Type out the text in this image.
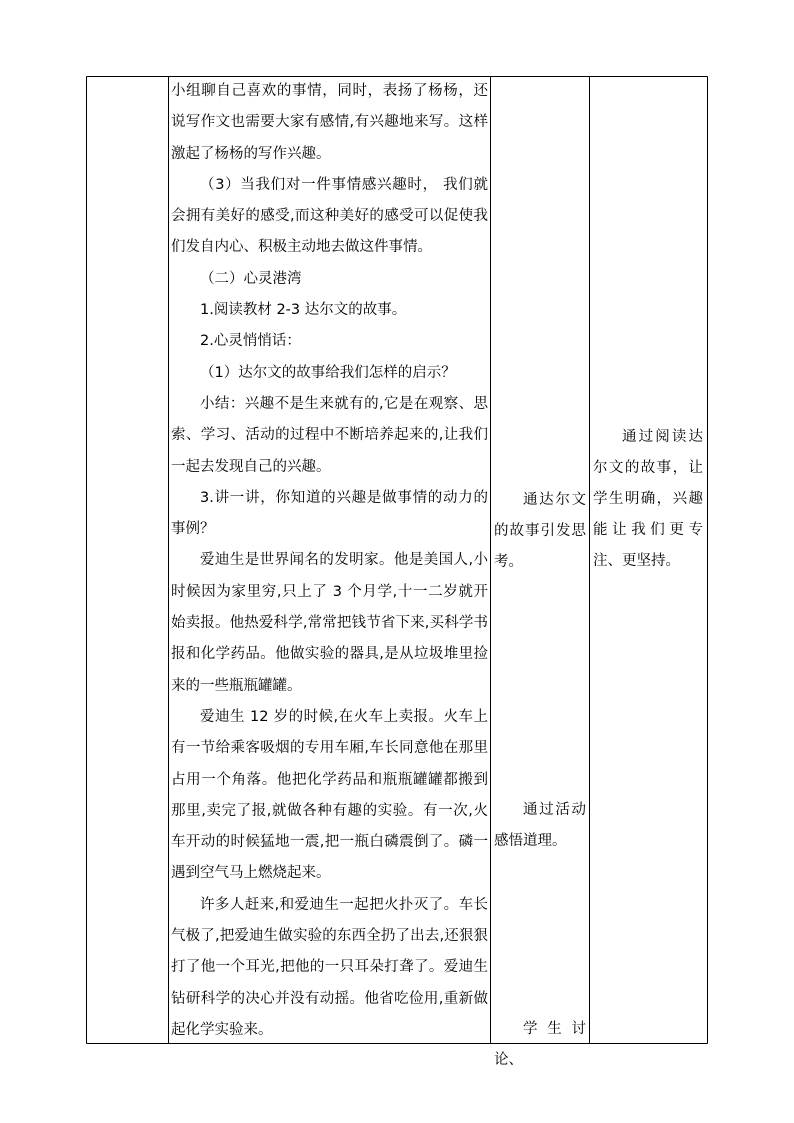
小组聊自己喜欢的事情，同时，表扬了杨杨，还说写作文也需要大家有感情,有兴趣地来写。这样激起了杨杨的写作兴趣。

（3）当我们对一件事情感兴趣时， 我们就会拥有美好的感受,而这种美好的感受可以促使我们发自内心、积极主动地去做这件事情。

（二）心灵港湾

1.阅读教材 2-3 达尔文的故事。

2.心灵悄悄话：

（1）达尔文的故事给我们怎样的启示？

小结：兴趣不是生来就有的,它是在观察、思索、学习、活动的过程中不断培养起来的,让我们一起去发现自己的兴趣。

3.讲一讲，你知道的兴趣是做事情的动力的事例？

爱迪生是世界闻名的发明家。他是美国人,小时候因为家里穷,只上了 3 个月学,十一二岁就开始卖报。他热爱科学,常常把钱节省下来,买科学书报和化学药品。他做实验的器具,是从垃圾堆里捡来的一些瓶瓶罐罐。

爱迪生 12 岁的时候,在火车上卖报。火车上有一节给乘客吸烟的专用车厢,车长同意他在那里占用一个角落。他把化学药品和瓶瓶罐罐都搬到那里,卖完了报,就做各种有趣的实验。有一次,火车开动的时候猛地一震,把一瓶白磷震倒了。磷一遇到空气马上燃烧起来。

许多人赶来,和爱迪生一起把火扑灭了。车长气极了,把爱迪生做实验的东西全扔了出去,还狠狠打了他一个耳光,把他的一只耳朵打聋了。爱迪生钻研科学的决心并没有动摇。他省吃俭用,重新做起化学实验来。

通达尔文的故事引发思考。

通过活动感悟道理。

学生讨论、

通过阅读达尔文的故事，让学生明确，兴趣能让我们更专注、更坚持。
